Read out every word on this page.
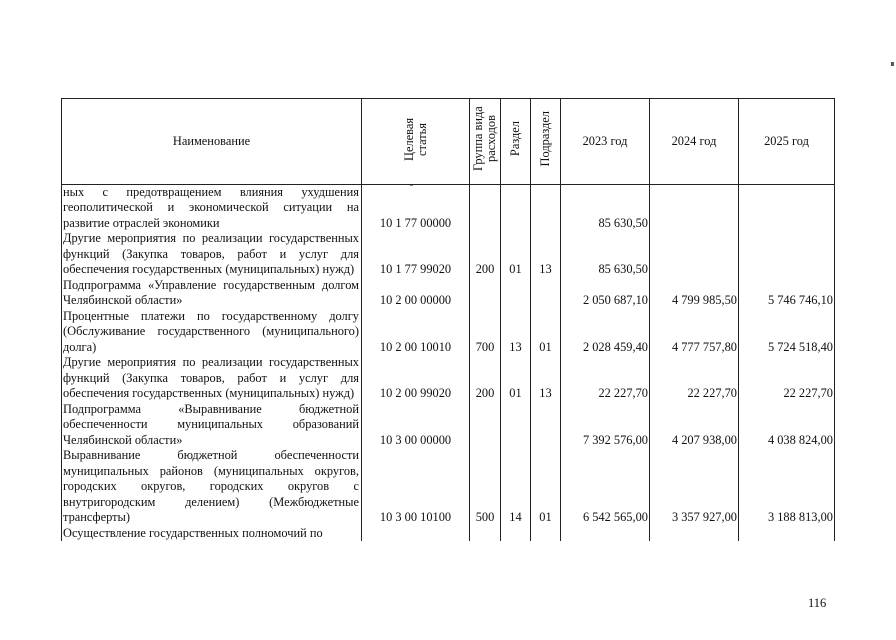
Наименование	Целевая статья	Группа вида расходов	Раздел	Подраздел	2023 год	2024 год	2025 год
ных с предотвращением влияния ухудшения геополитической и экономической ситуации на развитие отраслей экономики	10 1 77 00000				85 630,50		
Другие мероприятия по реализации государственных функций (Закупка товаров, работ и услуг для обеспечения государственных (муниципальных) нужд)	10 1 77 99020	200	01	13	85 630,50		
Подпрограмма «Управление государственным долгом Челябинской области»	10 2 00 00000				2 050 687,10	4 799 985,50	5 746 746,10
Процентные платежи по государственному долгу (Обслуживание государственного (муниципального) долга)	10 2 00 10010	700	13	01	2 028 459,40	4 777 757,80	5 724 518,40
Другие мероприятия по реализации государственных функций (Закупка товаров, работ и услуг для обеспечения государственных (муниципальных) нужд)	10 2 00 99020	200	01	13	22 227,70	22 227,70	22 227,70
Подпрограмма «Выравнивание бюджетной обеспеченности муниципальных образований Челябинской области»	10 3 00 00000				7 392 576,00	4 207 938,00	4 038 824,00
Выравнивание бюджетной обеспеченности муниципальных районов (муниципальных округов, городских округов, городских округов с внутригородским делением) (Межбюджетные трансферты)	10 3 00 10100	500	14	01	6 542 565,00	3 357 927,00	3 188 813,00
Осуществление государственных полномочий по							
116
